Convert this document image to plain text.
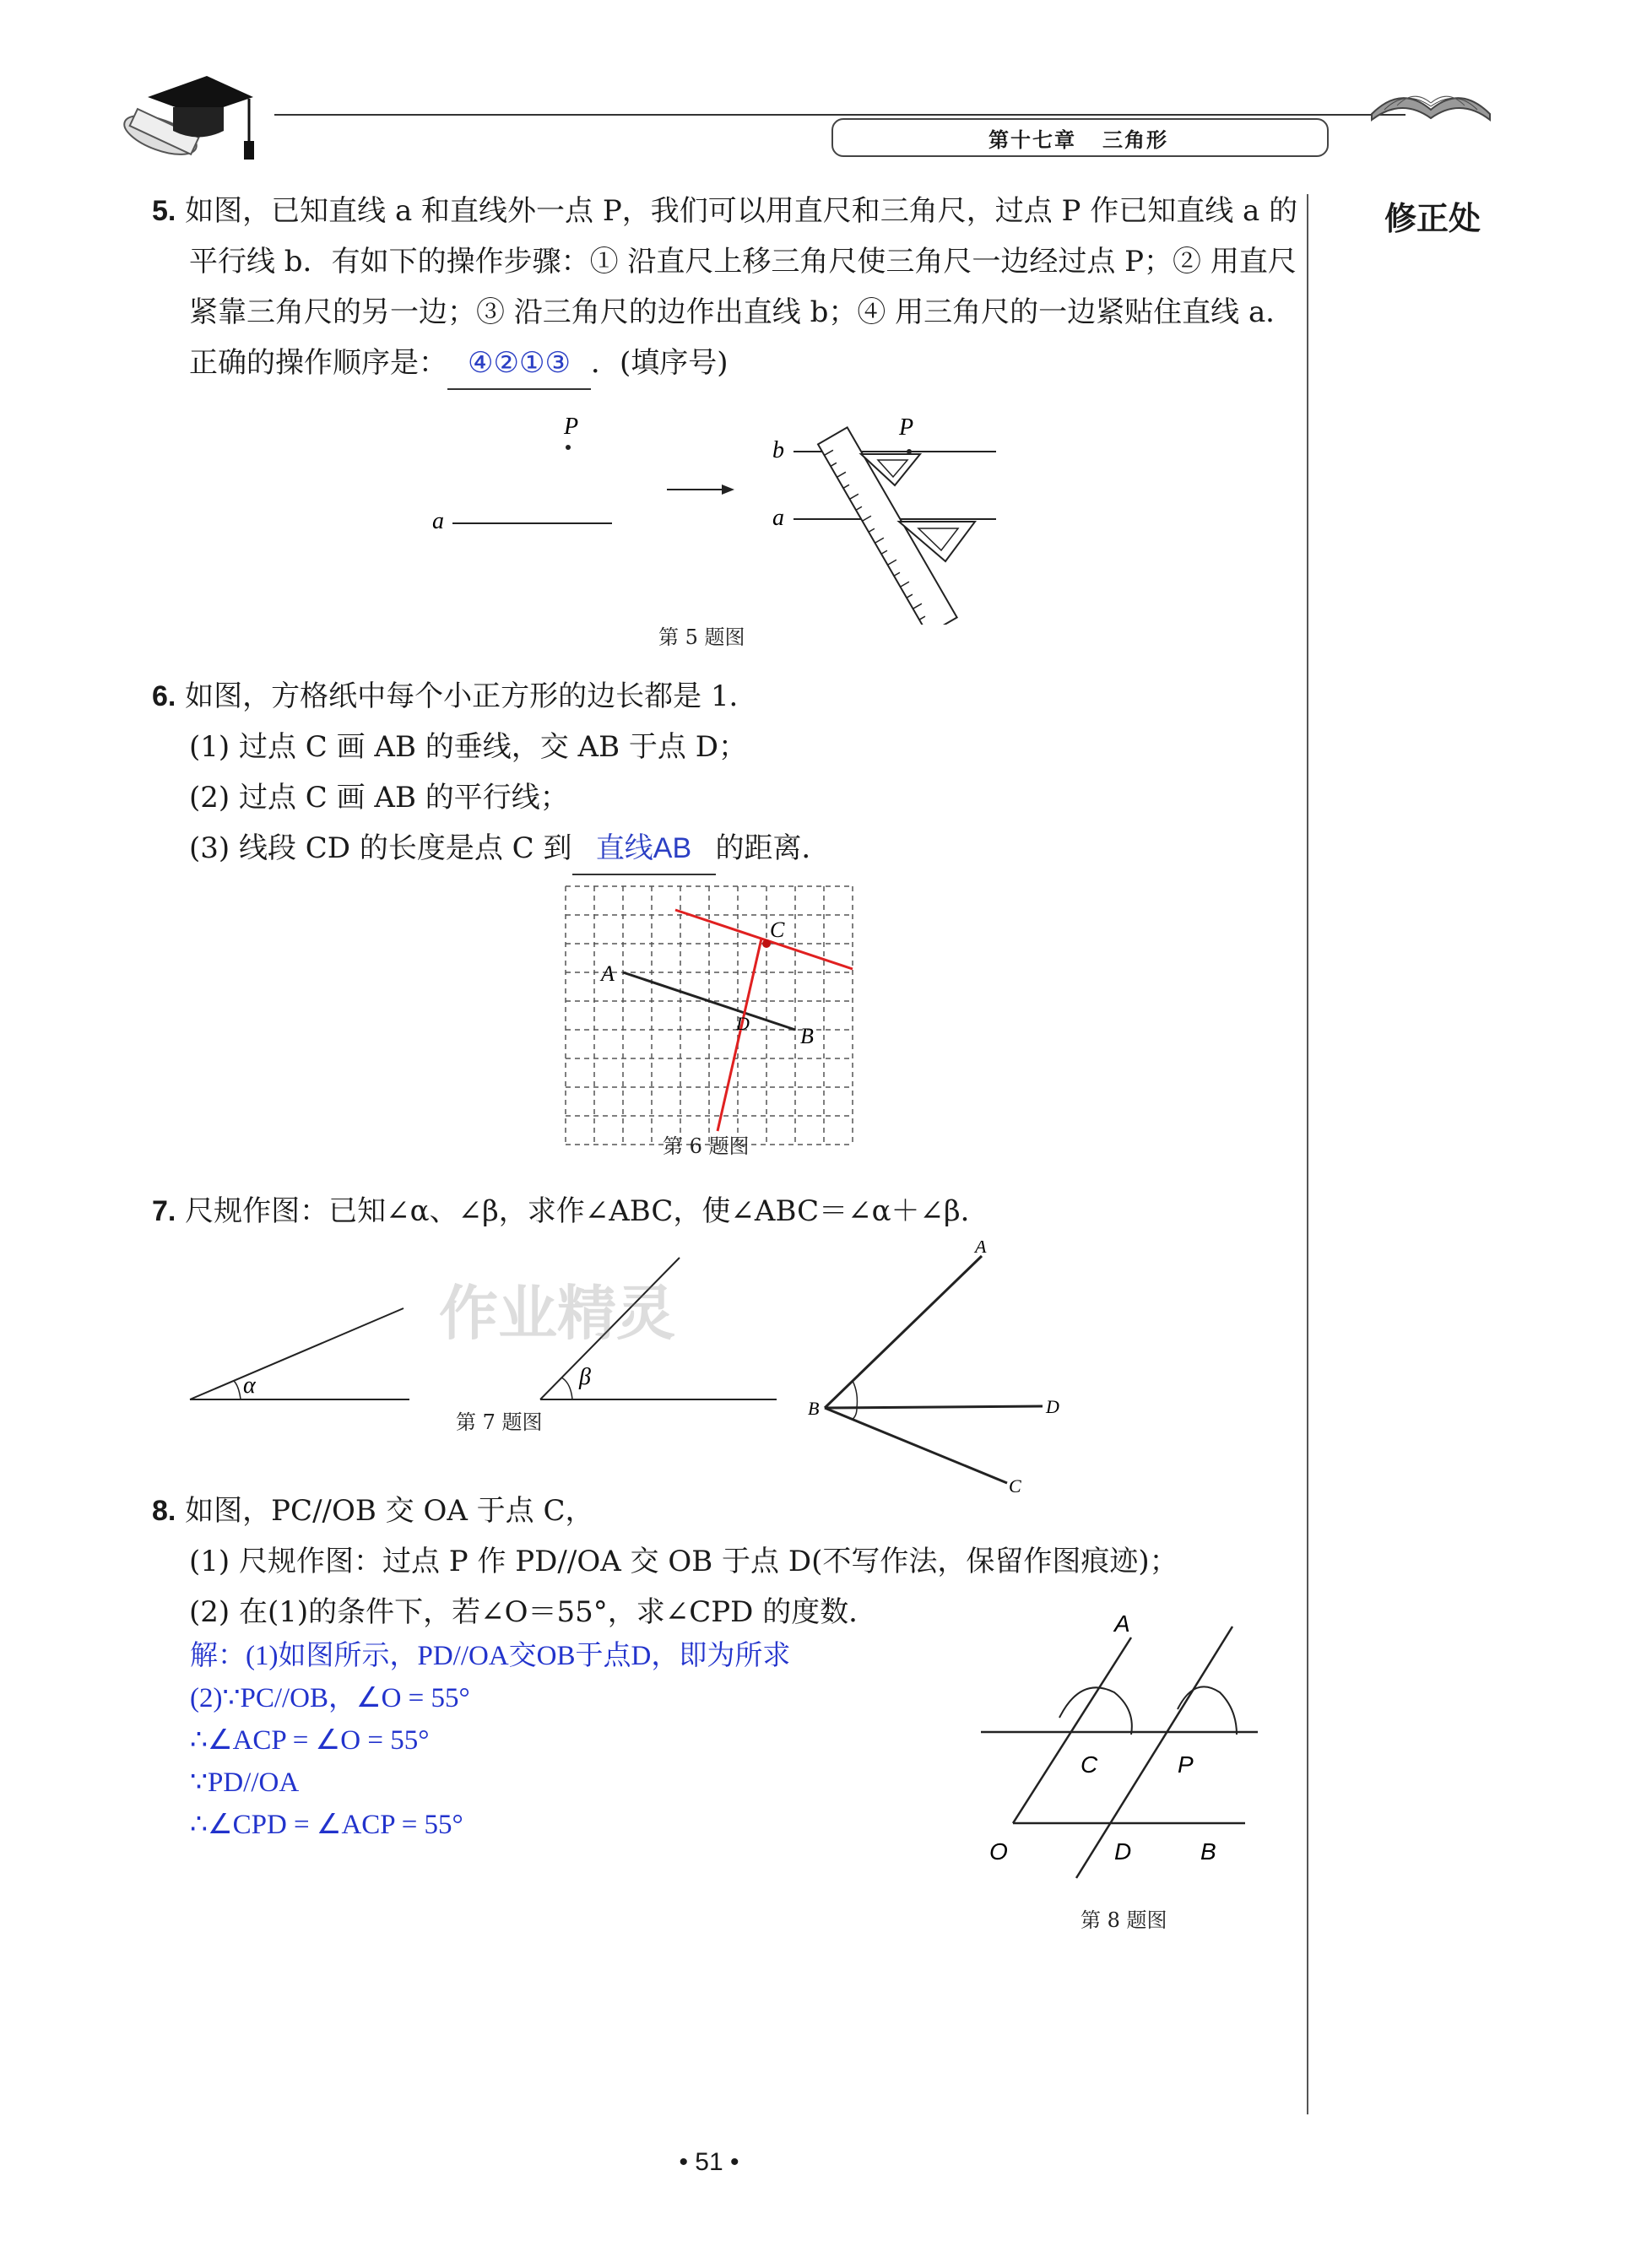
第十七章   三角形
修正处
5. 如图，已知直线 a 和直线外一点 P，我们可以用直尺和三角尺，过点 P 作已知直线 a 的
平行线 b．有如下的操作步骤：① 沿直尺上移三角尺使三角尺一边经过点 P；② 用直尺
紧靠三角尺的另一边；③ 沿三角尺的边作出直线 b；④ 用三角尺的一边紧贴住直线 a．
正确的操作顺序是： ④②①③ ．(填序号)
P
a
b
a
P
第 5 题图
6. 如图，方格纸中每个小正方形的边长都是 1．
(1) 过点 C 画 AB 的垂线，交 AB 于点 D；
(2) 过点 C 画 AB 的平行线；
(3) 线段 CD 的长度是点 C 到 直线AB 的距离．
A
B
C
D
第 6 题图
7. 尺规作图：已知∠α、∠β，求作∠ABC，使∠ABC＝∠α＋∠β．
α	β
作业精灵
第 7 题图
A
B	D
C
8. 如图，PC//OB 交 OA 于点 C，
(1) 尺规作图：过点 P 作 PD//OA 交 OB 于点 D(不写作法，保留作图痕迹)；
(2) 在(1)的条件下，若∠O＝55°，求∠CPD 的度数．
解：(1)如图所示，PD//OA交OB于点D，即为所求
(2)∵PC//OB，∠O = 55°
∴∠ACP = ∠O = 55°
∵PD//OA
∴∠CPD = ∠ACP = 55°
A
C	P
O	D	B
第 8 题图
• 51 •
